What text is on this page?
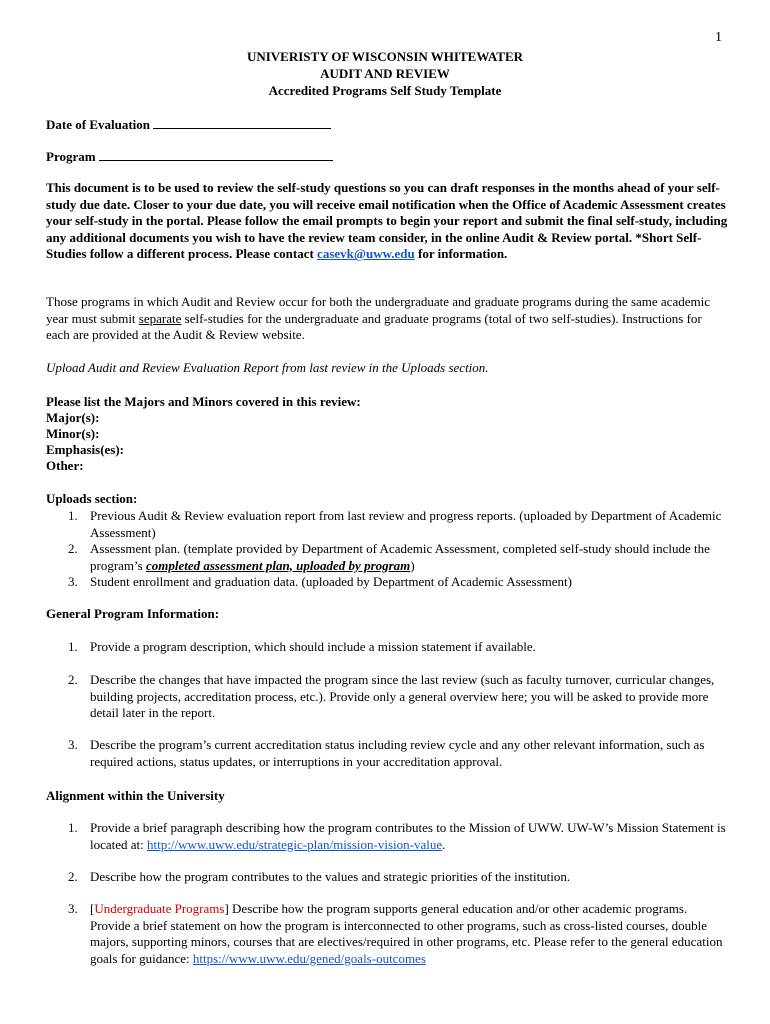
1
UNIVERISTY OF WISCONSIN WHITEWATER
AUDIT AND REVIEW
Accredited Programs Self Study Template
Date of Evaluation
Program
This document is to be used to review the self-study questions so you can draft responses in the months ahead of your self-study due date. Closer to your due date, you will receive email notification when the Office of Academic Assessment creates your self-study in the portal. Please follow the email prompts to begin your report and submit the final self-study, including any additional documents you wish to have the review team consider, in the online Audit & Review portal. *Short Self-Studies follow a different process. Please contact casevk@uww.edu for information.
Those programs in which Audit and Review occur for both the undergraduate and graduate programs during the same academic year must submit separate self-studies for the undergraduate and graduate programs (total of two self-studies). Instructions for each are provided at the Audit & Review website.
Upload Audit and Review Evaluation Report from last review in the Uploads section.
Please list the Majors and Minors covered in this review:
Major(s):
Minor(s):
Emphasis(es):
Other:
Uploads section:
1. Previous Audit & Review evaluation report from last review and progress reports. (uploaded by Department of Academic Assessment)
2. Assessment plan. (template provided by Department of Academic Assessment, completed self-study should include the program’s completed assessment plan, uploaded by program)
3. Student enrollment and graduation data. (uploaded by Department of Academic Assessment)
General Program Information:
1. Provide a program description, which should include a mission statement if available.
2. Describe the changes that have impacted the program since the last review (such as faculty turnover, curricular changes, building projects, accreditation process, etc.). Provide only a general overview here; you will be asked to provide more detail later in the report.
3. Describe the program’s current accreditation status including review cycle and any other relevant information, such as required actions, status updates, or interruptions in your accreditation approval.
Alignment within the University
1. Provide a brief paragraph describing how the program contributes to the Mission of UWW. UW-W’s Mission Statement is located at: http://www.uww.edu/strategic-plan/mission-vision-value.
2. Describe how the program contributes to the values and strategic priorities of the institution.
3. [Undergraduate Programs] Describe how the program supports general education and/or other academic programs. Provide a brief statement on how the program is interconnected to other programs, such as cross-listed courses, double majors, supporting minors, courses that are electives/required in other programs, etc. Please refer to the general education goals for guidance: https://www.uww.edu/gened/goals-outcomes
